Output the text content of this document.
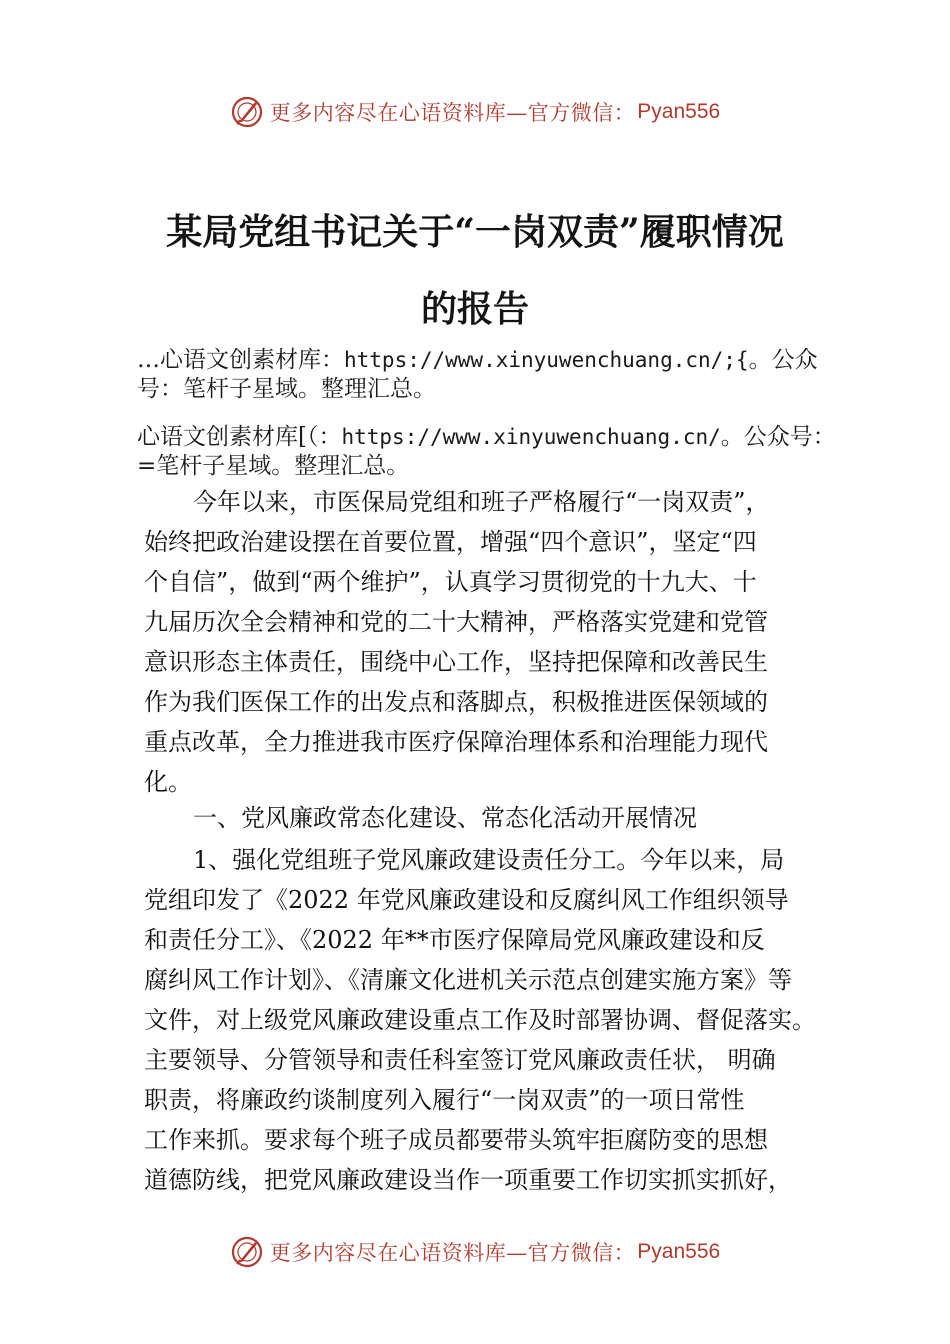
更多内容尽在心语资料库—官方微信： Pyan556
某局党组书记关于“一岗双责”履职情况
的报告
…心语文创素材库：https://www.xinyuwenchuang.cn/;{。公众号：笔杆子星域。整理汇总。
心语文创素材库[（：https://www.xinyuwenchuang.cn/。公众号：=笔杆子星域。整理汇总。
今年以来，市医保局党组和班子严格履行“一岗双责”，
始终把政治建设摆在首要位置，增强“四个意识”，坚定“四
个自信”，做到“两个维护”，认真学习贯彻党的十九大、十
九届历次全会精神和党的二十大精神，严格落实党建和党管
意识形态主体责任，围绕中心工作，坚持把保障和改善民生
作为我们医保工作的出发点和落脚点，积极推进医保领域的
重点改革，全力推进我市医疗保障治理体系和治理能力现代
化。
一、党风廉政常态化建设、常态化活动开展情况
1、强化党组班子党风廉政建设责任分工。今年以来，局
党组印发了《2022 年党风廉政建设和反腐纠风工作组织领导
和责任分工》、《2022 年**市医疗保障局党风廉政建设和反
腐纠风工作计划》、《清廉文化进机关示范点创建实施方案》等
文件，对上级党风廉政建设重点工作及时部署协调、督促落实。
主要领导、分管领导和责任科室签订党风廉政责任状， 明确
职责，将廉政约谈制度列入履行“一岗双责”的一项日常性
工作来抓。要求每个班子成员都要带头筑牢拒腐防变的思想
道德防线，把党风廉政建设当作一项重要工作切实抓实抓好，
更多内容尽在心语资料库—官方微信： Pyan556
